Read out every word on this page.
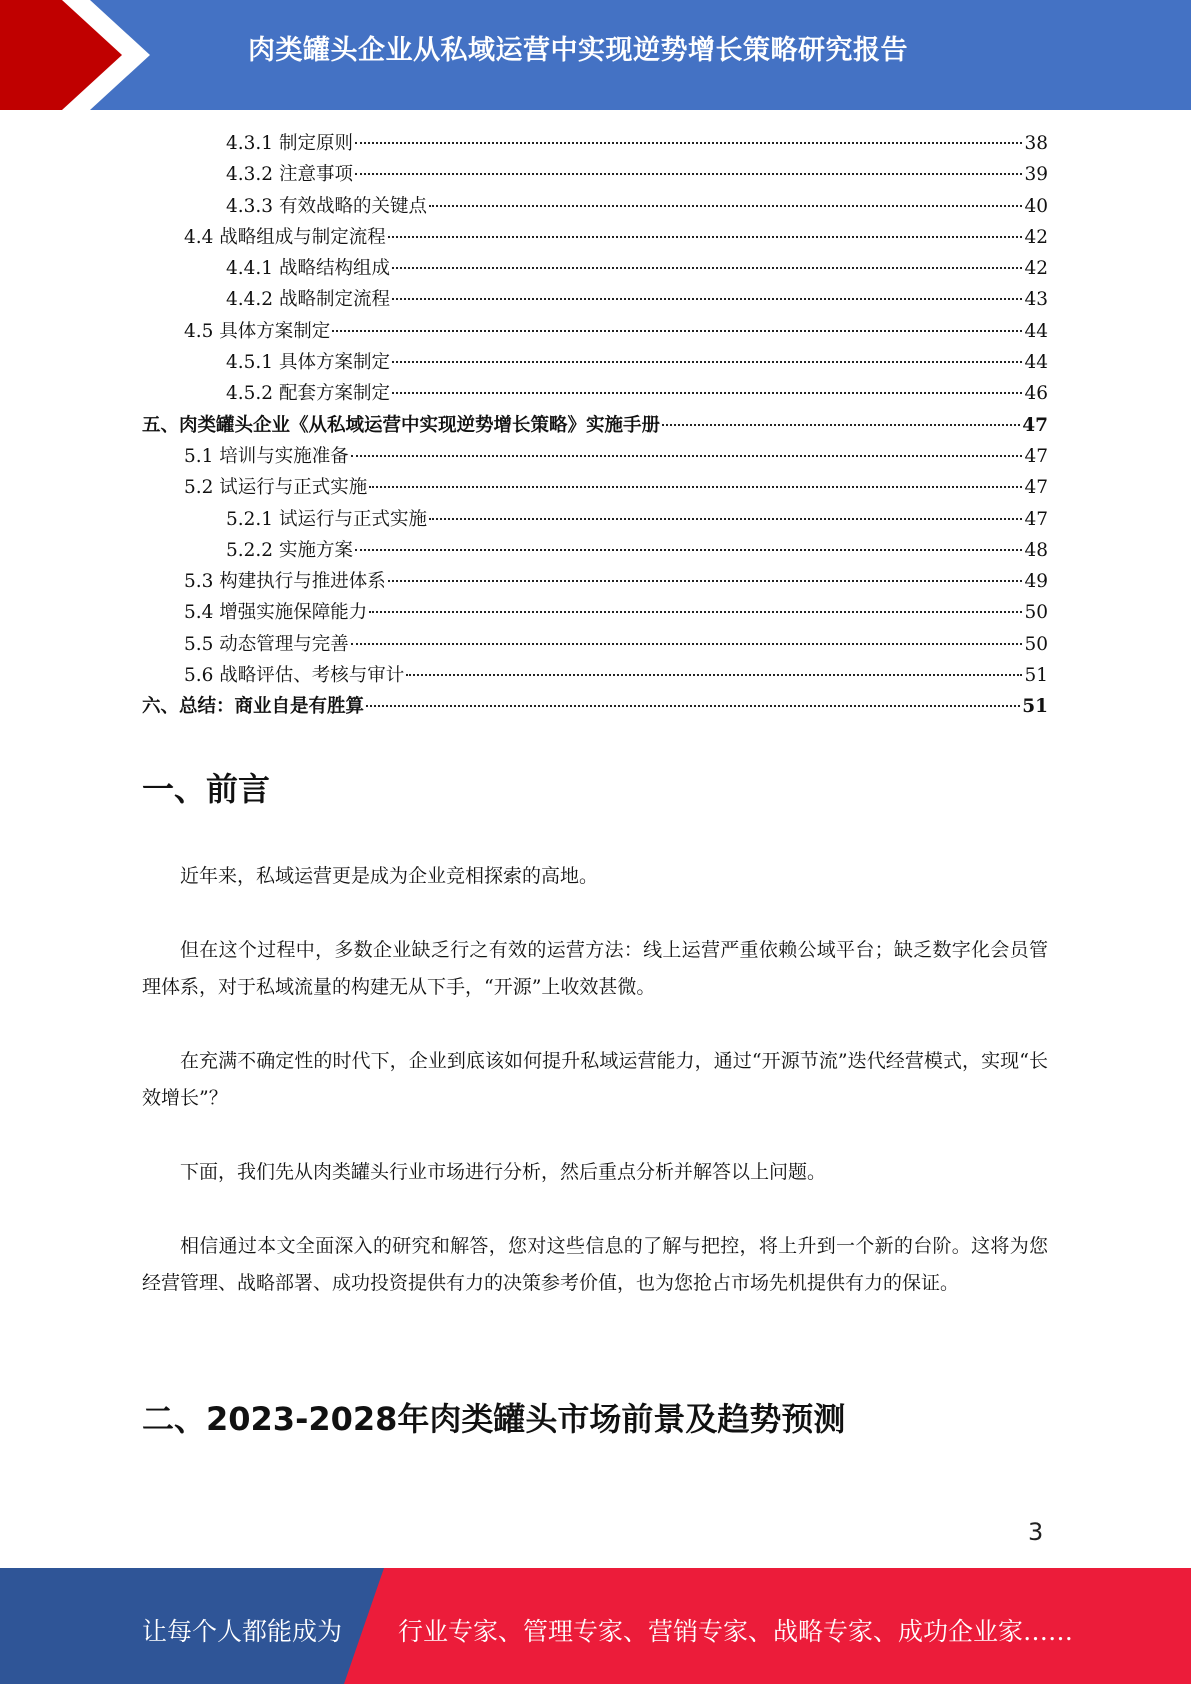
肉类罐头企业从私域运营中实现逆势增长策略研究报告
4.3.1 制定原则	38
4.3.2 注意事项	39
4.3.3 有效战略的关键点	40
4.4 战略组成与制定流程	42
4.4.1 战略结构组成	42
4.4.2 战略制定流程	43
4.5 具体方案制定	44
4.5.1 具体方案制定	44
4.5.2 配套方案制定	46
五、肉类罐头企业《从私域运营中实现逆势增长策略》实施手册	47
5.1 培训与实施准备	47
5.2 试运行与正式实施	47
5.2.1 试运行与正式实施	47
5.2.2 实施方案	48
5.3 构建执行与推进体系	49
5.4 增强实施保障能力	50
5.5 动态管理与完善	50
5.6 战略评估、考核与审计	51
六、总结：商业自是有胜算	51
一、前言

近年来，私域运营更是成为企业竞相探索的高地。

但在这个过程中，多数企业缺乏行之有效的运营方法：线上运营严重依赖公域平台；缺乏数字化会员管理体系，对于私域流量的构建无从下手，“开源”上收效甚微。

在充满不确定性的时代下，企业到底该如何提升私域运营能力，通过“开源节流”迭代经营模式，实现“长效增长”？

下面，我们先从肉类罐头行业市场进行分析，然后重点分析并解答以上问题。

相信通过本文全面深入的研究和解答，您对这些信息的了解与把控，将上升到一个新的台阶。这将为您经营管理、战略部署、成功投资提供有力的决策参考价值，也为您抢占市场先机提供有力的保证。

二、2023-2028年肉类罐头市场前景及趋势预测
3
让每个人都能成为 行业专家、管理专家、营销专家、战略专家、成功企业家……
